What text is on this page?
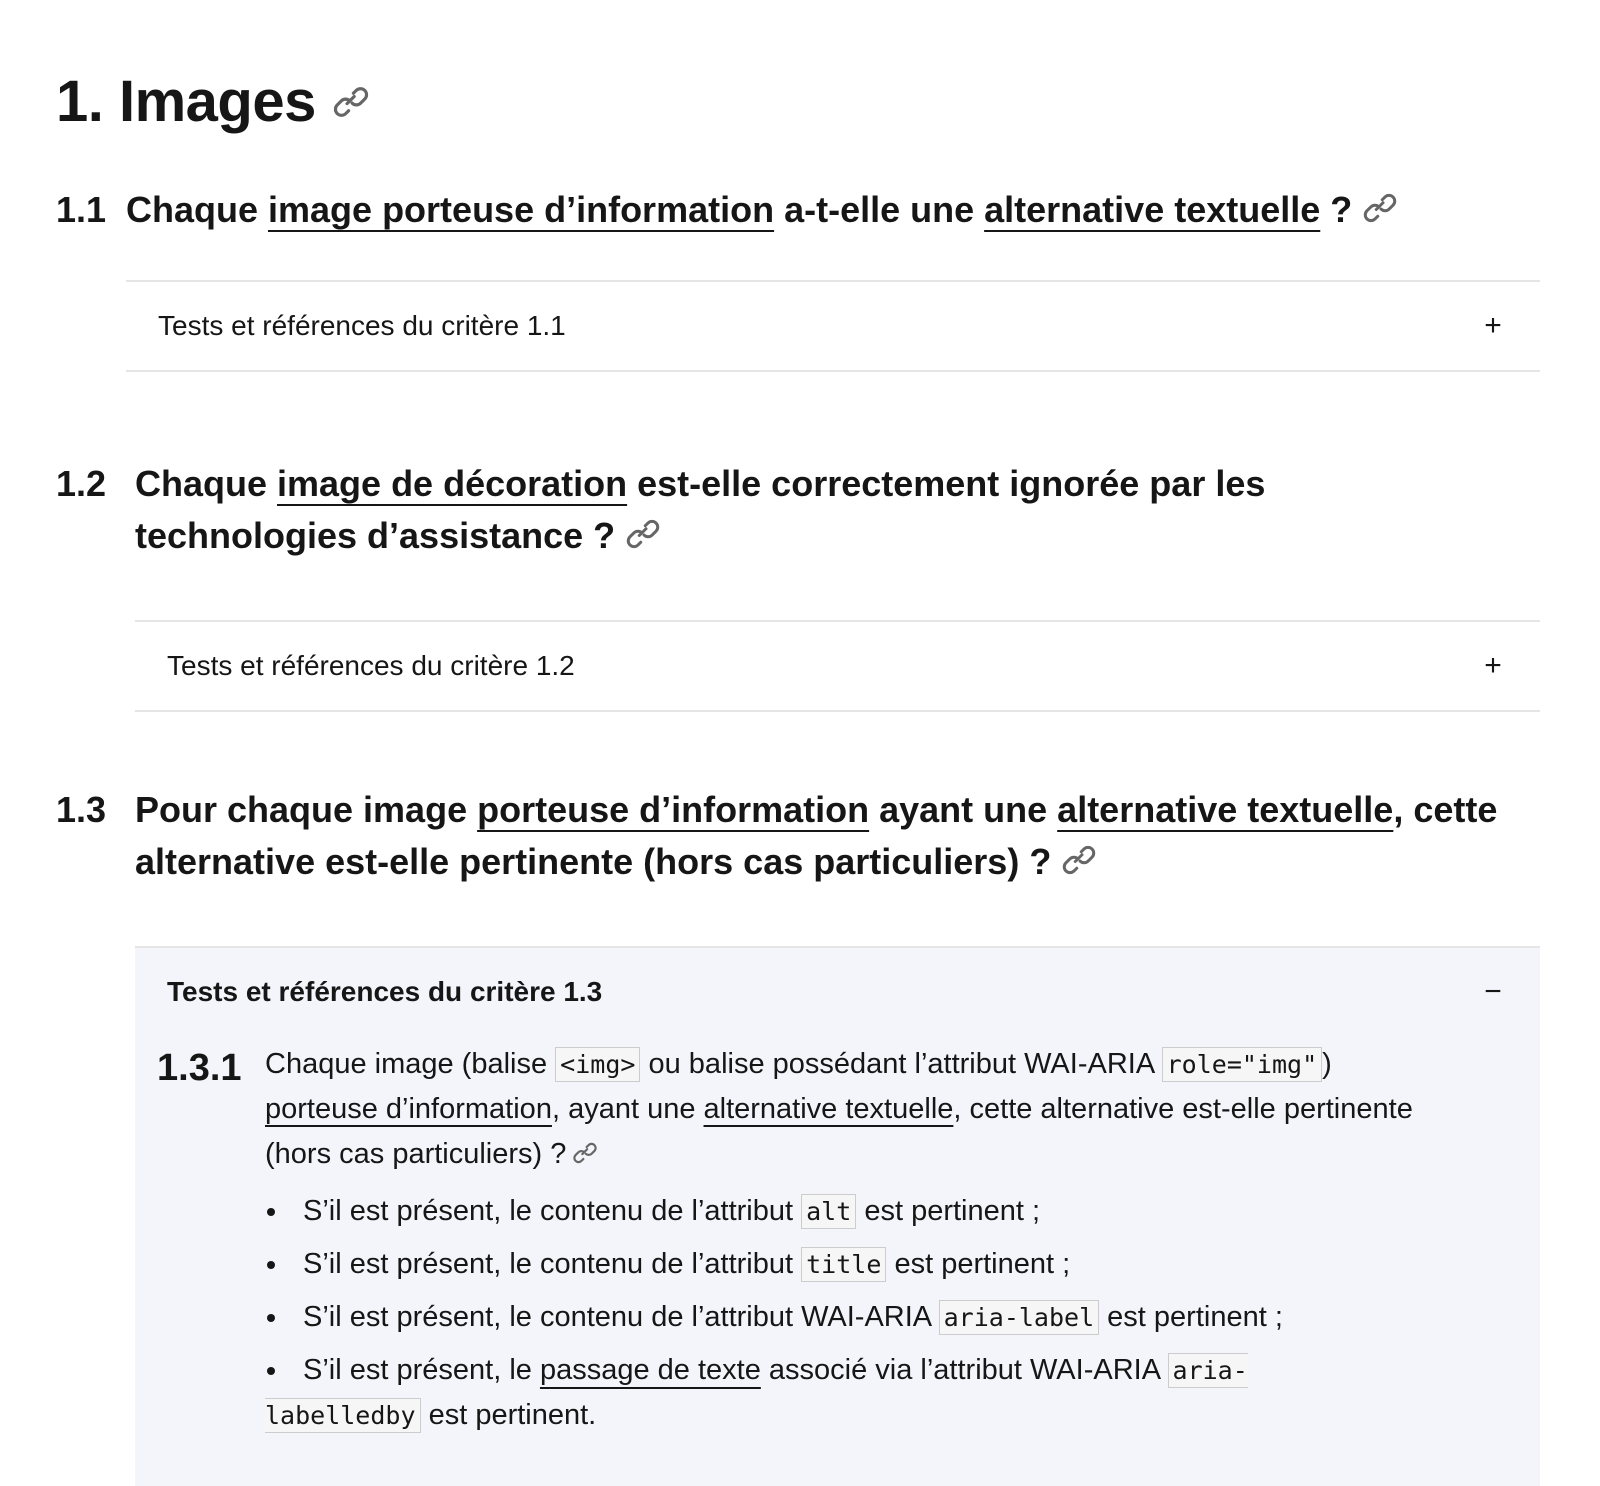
1. Images
1.1 Chaque image porteuse d’information a-t-elle une alternative textuelle ?
Tests et références du critère 1.1	+
1.2 Chaque image de décoration est-elle correctement ignorée par les technologies d’assistance ?
Tests et références du critère 1.2	+
1.3 Pour chaque image porteuse d’information ayant une alternative textuelle, cette alternative est-elle pertinente (hors cas particuliers) ?
Tests et références du critère 1.3	−
1.3.1 Chaque image (balise <img> ou balise possédant l’attribut WAI-ARIA role="img" )
porteuse d’information, ayant une alternative textuelle, cette alternative est-elle pertinente (hors cas particuliers) ?

S’il est présent, le contenu de l’attribut alt est pertinent ;
S’il est présent, le contenu de l’attribut title est pertinent ;
S’il est présent, le contenu de l’attribut WAI-ARIA aria-label est pertinent ;
S’il est présent, le passage de texte associé via l’attribut WAI-ARIA aria-
labelledby est pertinent.
